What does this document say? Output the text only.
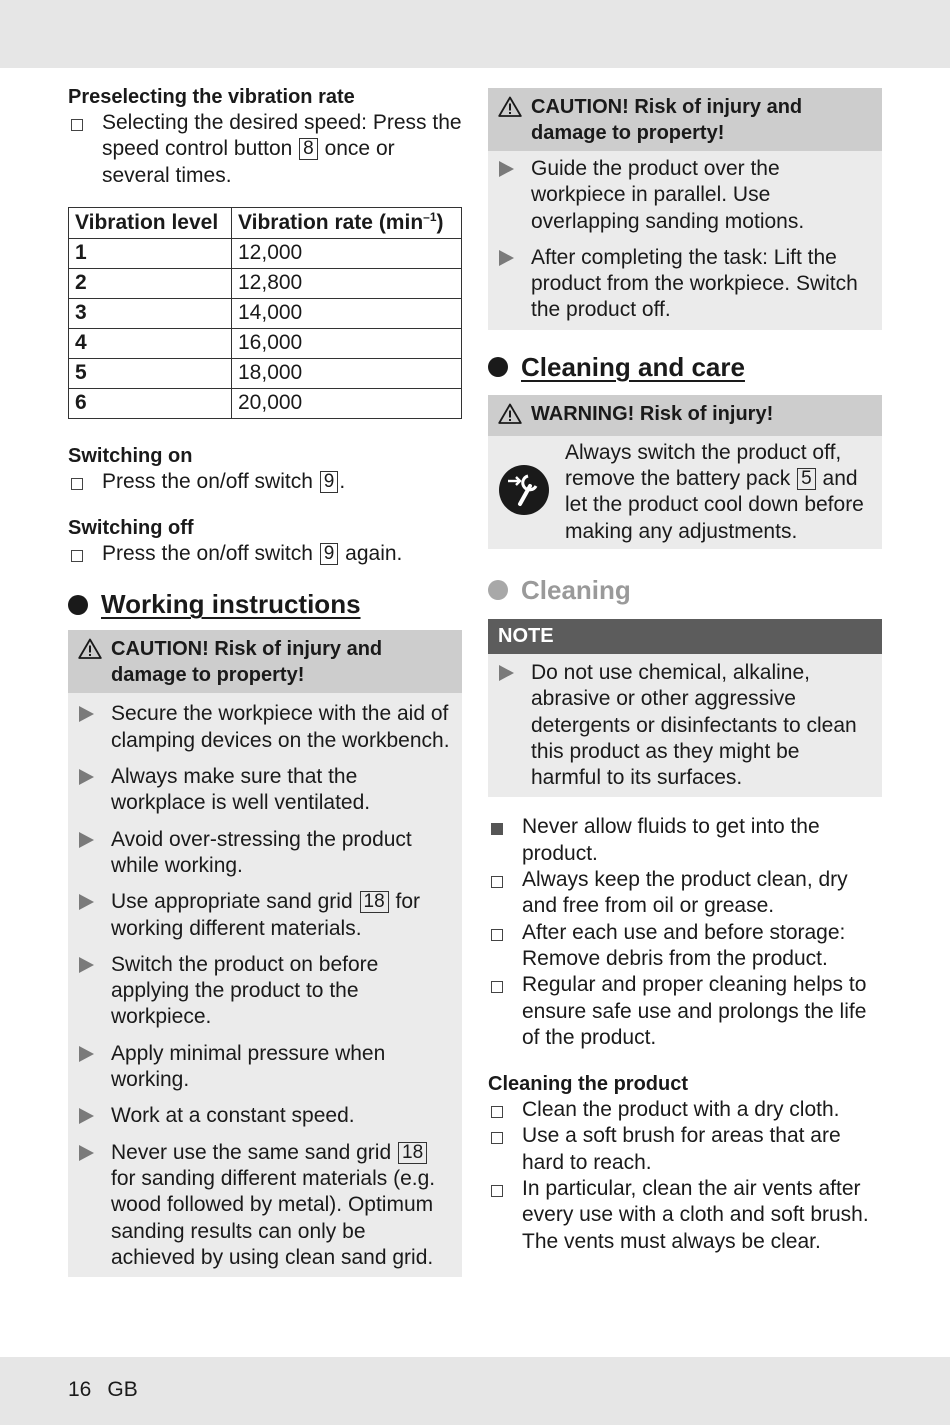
Preselecting the vibration rate
Selecting the desired speed: Press the speed control button 8 once or several times.
Vibration level	Vibration rate $(\min^{-1})$
1	12,000
2	12,800
3	14,000
4	16,000
5	18,000
6	20,000
Switching on
Press the on/off switch 9 .
Switching off
Press the on/off switch 9 again.
Working instructions
CAUTION! Risk of injury and damage to property!
Secure the workpiece with the aid of clamping devices on the workbench.
Always make sure that the workplace is well ventilated.
Avoid over-stressing the product while working.
Use appropriate sand grid 18 for working different materials.
Switch the product on before applying the product to the workpiece.
Apply minimal pressure when working.
Work at a constant speed.
Never use the same sand grid 18 for sanding different materials (e.g. wood followed by metal). Optimum sanding results can only be achieved by using clean sand grid.
CAUTION! Risk of injury and damage to property!
Guide the product over the workpiece in parallel. Use overlapping sanding motions.
After completing the task: Lift the product from the workpiece. Switch the product off.
Cleaning and care
WARNING! Risk of injury!
Always switch the product off, remove the battery pack 5 and let the product cool down before making any adjustments.
Cleaning
NOTE
Do not use chemical, alkaline, abrasive or other aggressive detergents or disinfectants to clean this product as they might be harmful to its surfaces.
Never allow fluids to get into the product.
Always keep the product clean, dry and free from oil or grease.
After each use and before storage: Remove debris from the product.
Regular and proper cleaning helps to ensure safe use and prolongs the life of the product.
Cleaning the product
Clean the product with a dry cloth.
Use a soft brush for areas that are hard to reach.
In particular, clean the air vents after every use with a cloth and soft brush. The vents must always be clear.
16 GB
